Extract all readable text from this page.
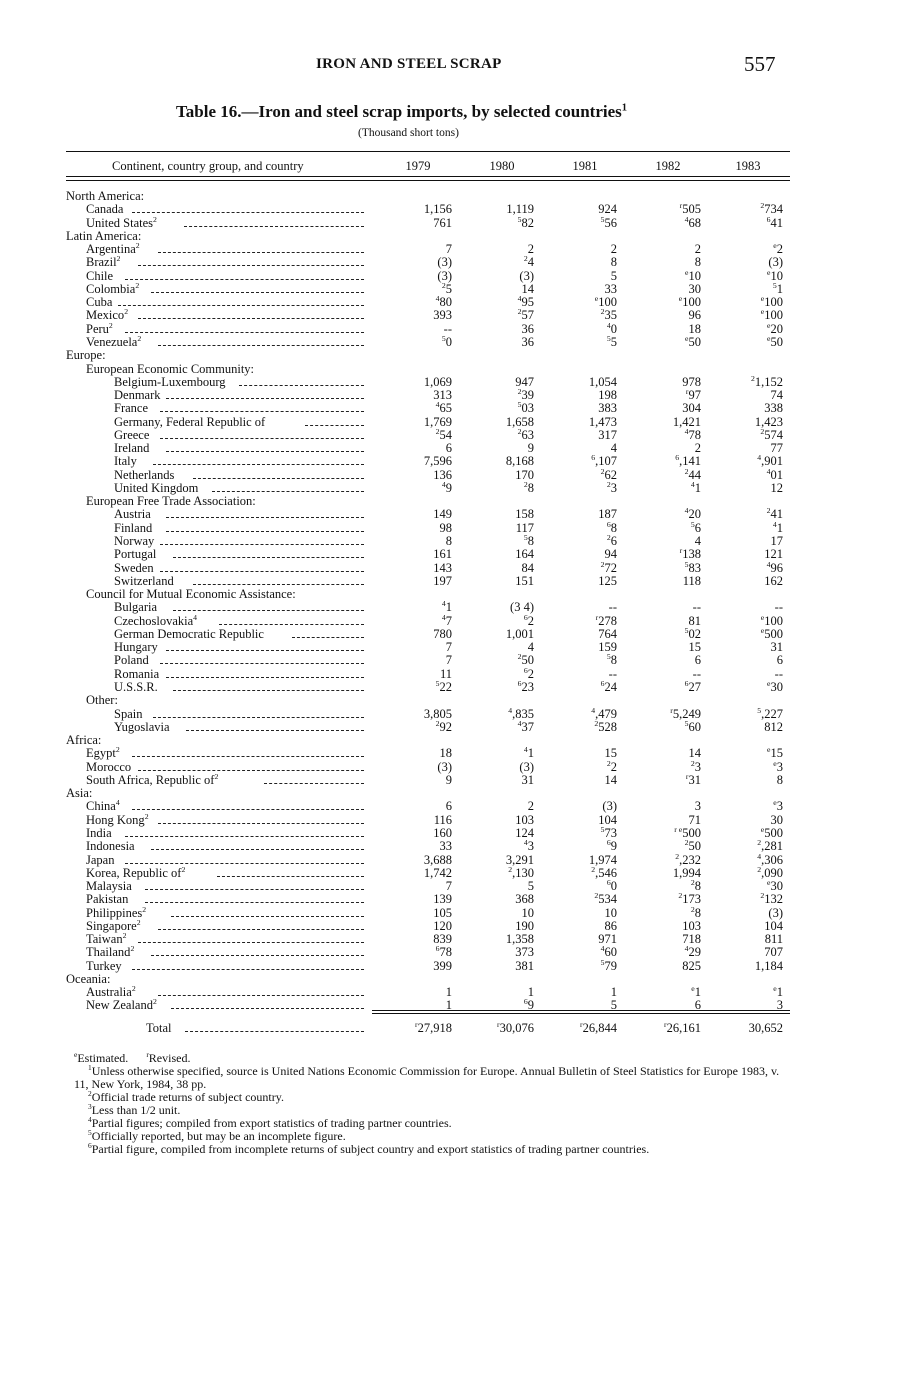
IRON AND STEEL SCRAP	557
Table 16.—Iron and steel scrap imports, by selected countries$^1$
(Thousand short tons)
Continent, country group, and country	1979	1980	1981	1982	1983
North America:
Canada	1,156	1,119	924	$^r$505	$^2$734
United States$^2$	761	$^5$82	$^5$56	$^4$68	$^6$41
Latin America:
Argentina$^2$	7	2	2	2	$^e$2
Brazil$^2$	(3)	$^2$4	8	8	(3)
Chile	(3)	(3)	5	$^e$10	$^e$10
Colombia$^2$	$^2$5	14	33	30	$^5$1
Cuba	$^4$80	$^4$95	$^e$100	$^e$100	$^e$100
Mexico$^2$	393	$^2$57	$^2$35	96	$^e$100
Peru$^2$	--	36	$^4$0	18	$^e$20
Venezuela$^2$	$^5$0	36	$^5$5	$^e$50	$^e$50
Europe:
European Economic Community:
Belgium-Luxembourg	1,069	947	1,054	978	$^2$1,152
Denmark	313	$^2$39	198	$^r$97	74
France	$^4$65	$^5$03	383	304	338
Germany, Federal Republic of	1,769	1,658	1,473	1,421	1,423
Greece	$^2$54	$^2$63	317	$^4$78	$^2$574
Ireland	6	9	4	2	77
Italy	7,596	8,168	$^6$,107	$^6$,141	$^4$,901
Netherlands	136	170	$^2$62	$^2$44	$^4$01
United Kingdom	$^4$9	$^2$8	$^2$3	$^4$1	12
European Free Trade Association:
Austria	149	158	187	$^4$20	$^2$41
Finland	98	117	$^6$8	$^5$6	$^4$1
Norway	8	$^5$8	$^2$6	4	17
Portugal	161	164	94	$^r$138	121
Sweden	143	84	$^2$72	$^5$83	$^4$96
Switzerland	197	151	125	118	162
Council for Mutual Economic Assistance:
Bulgaria	$^4$1	(3 4)	--	--	--
Czechoslovakia$^4$	$^4$7	$^6$2	$^r$278	81	$^e$100
German Democratic Republic	780	1,001	764	$^5$02	$^e$500
Hungary	7	4	159	15	31
Poland	7	$^2$50	$^5$8	6	6
Romania	11	$^6$2	--	--	--
U.S.S.R.	$^5$22	$^6$23	$^6$24	$^6$27	$^e$30
Other:
Spain	3,805	$^4$,835	$^4$,479	$^r$5,249	$^5$,227
Yugoslavia	$^2$92	$^4$37	$^2$528	$^5$60	812
Africa:
Egypt$^2$	18	$^4$1	15	14	$^e$15
Morocco	(3)	(3)	$^2$2	$^2$3	$^e$3
South Africa, Republic $of^2$	9	31	14	$^r$31	8
Asia:
China$^4$	6	2	(3)	3	$^e$3
Hong Kong$^2$	116	103	104	71	30
India	160	124	$^5$73	$^{r e}$500	$^e$500
Indonesia	33	$^4$3	$^6$9	$^2$50	$^2$,281
Japan	3,688	3,291	1,974	$^2$,232	$^4$,306
Korea, Republic $of^2$	1,742	$^2$,130	$^2$,546	1,994	$^2$,090
Malaysia	7	5	$^6$0	$^2$8	$^e$30
Pakistan	139	368	$^2$534	$^2$173	$^2$132
Philippines$^2$	105	10	10	$^2$8	(3)
Singapore$^2$	120	190	86	103	104
Taiwan$^2$	839	1,358	971	718	811
Thailand$^2$	$^6$78	373	$^4$60	$^4$29	707
Turkey	399	381	$^5$79	825	1,184
Oceania:
Australia$^2$	1	1	1	$^e$1	$^e$1
New Zealand$^2$	1	$^6$9	5	6	3
Total	$^r$27,918	$^r$30,076	$^r$26,844	$^r$26,161	30,652

$^e$Estimated. $^r$Revised.

$^1$Unless otherwise specified, source is United Nations Economic Commission for Europe. Annual Bulletin of Steel Statistics for Europe 1983, v. 11, New York, 1984, 38 pp.

$^2$Official trade returns of subject country.

$^3$Less than 1/2 unit.

$^4$Partial figures; compiled from export statistics of trading partner countries.

$^5$Officially reported, but may be an incomplete figure.

$^6$Partial figure, compiled from incomplete returns of subject country and export statistics of trading partner countries.
